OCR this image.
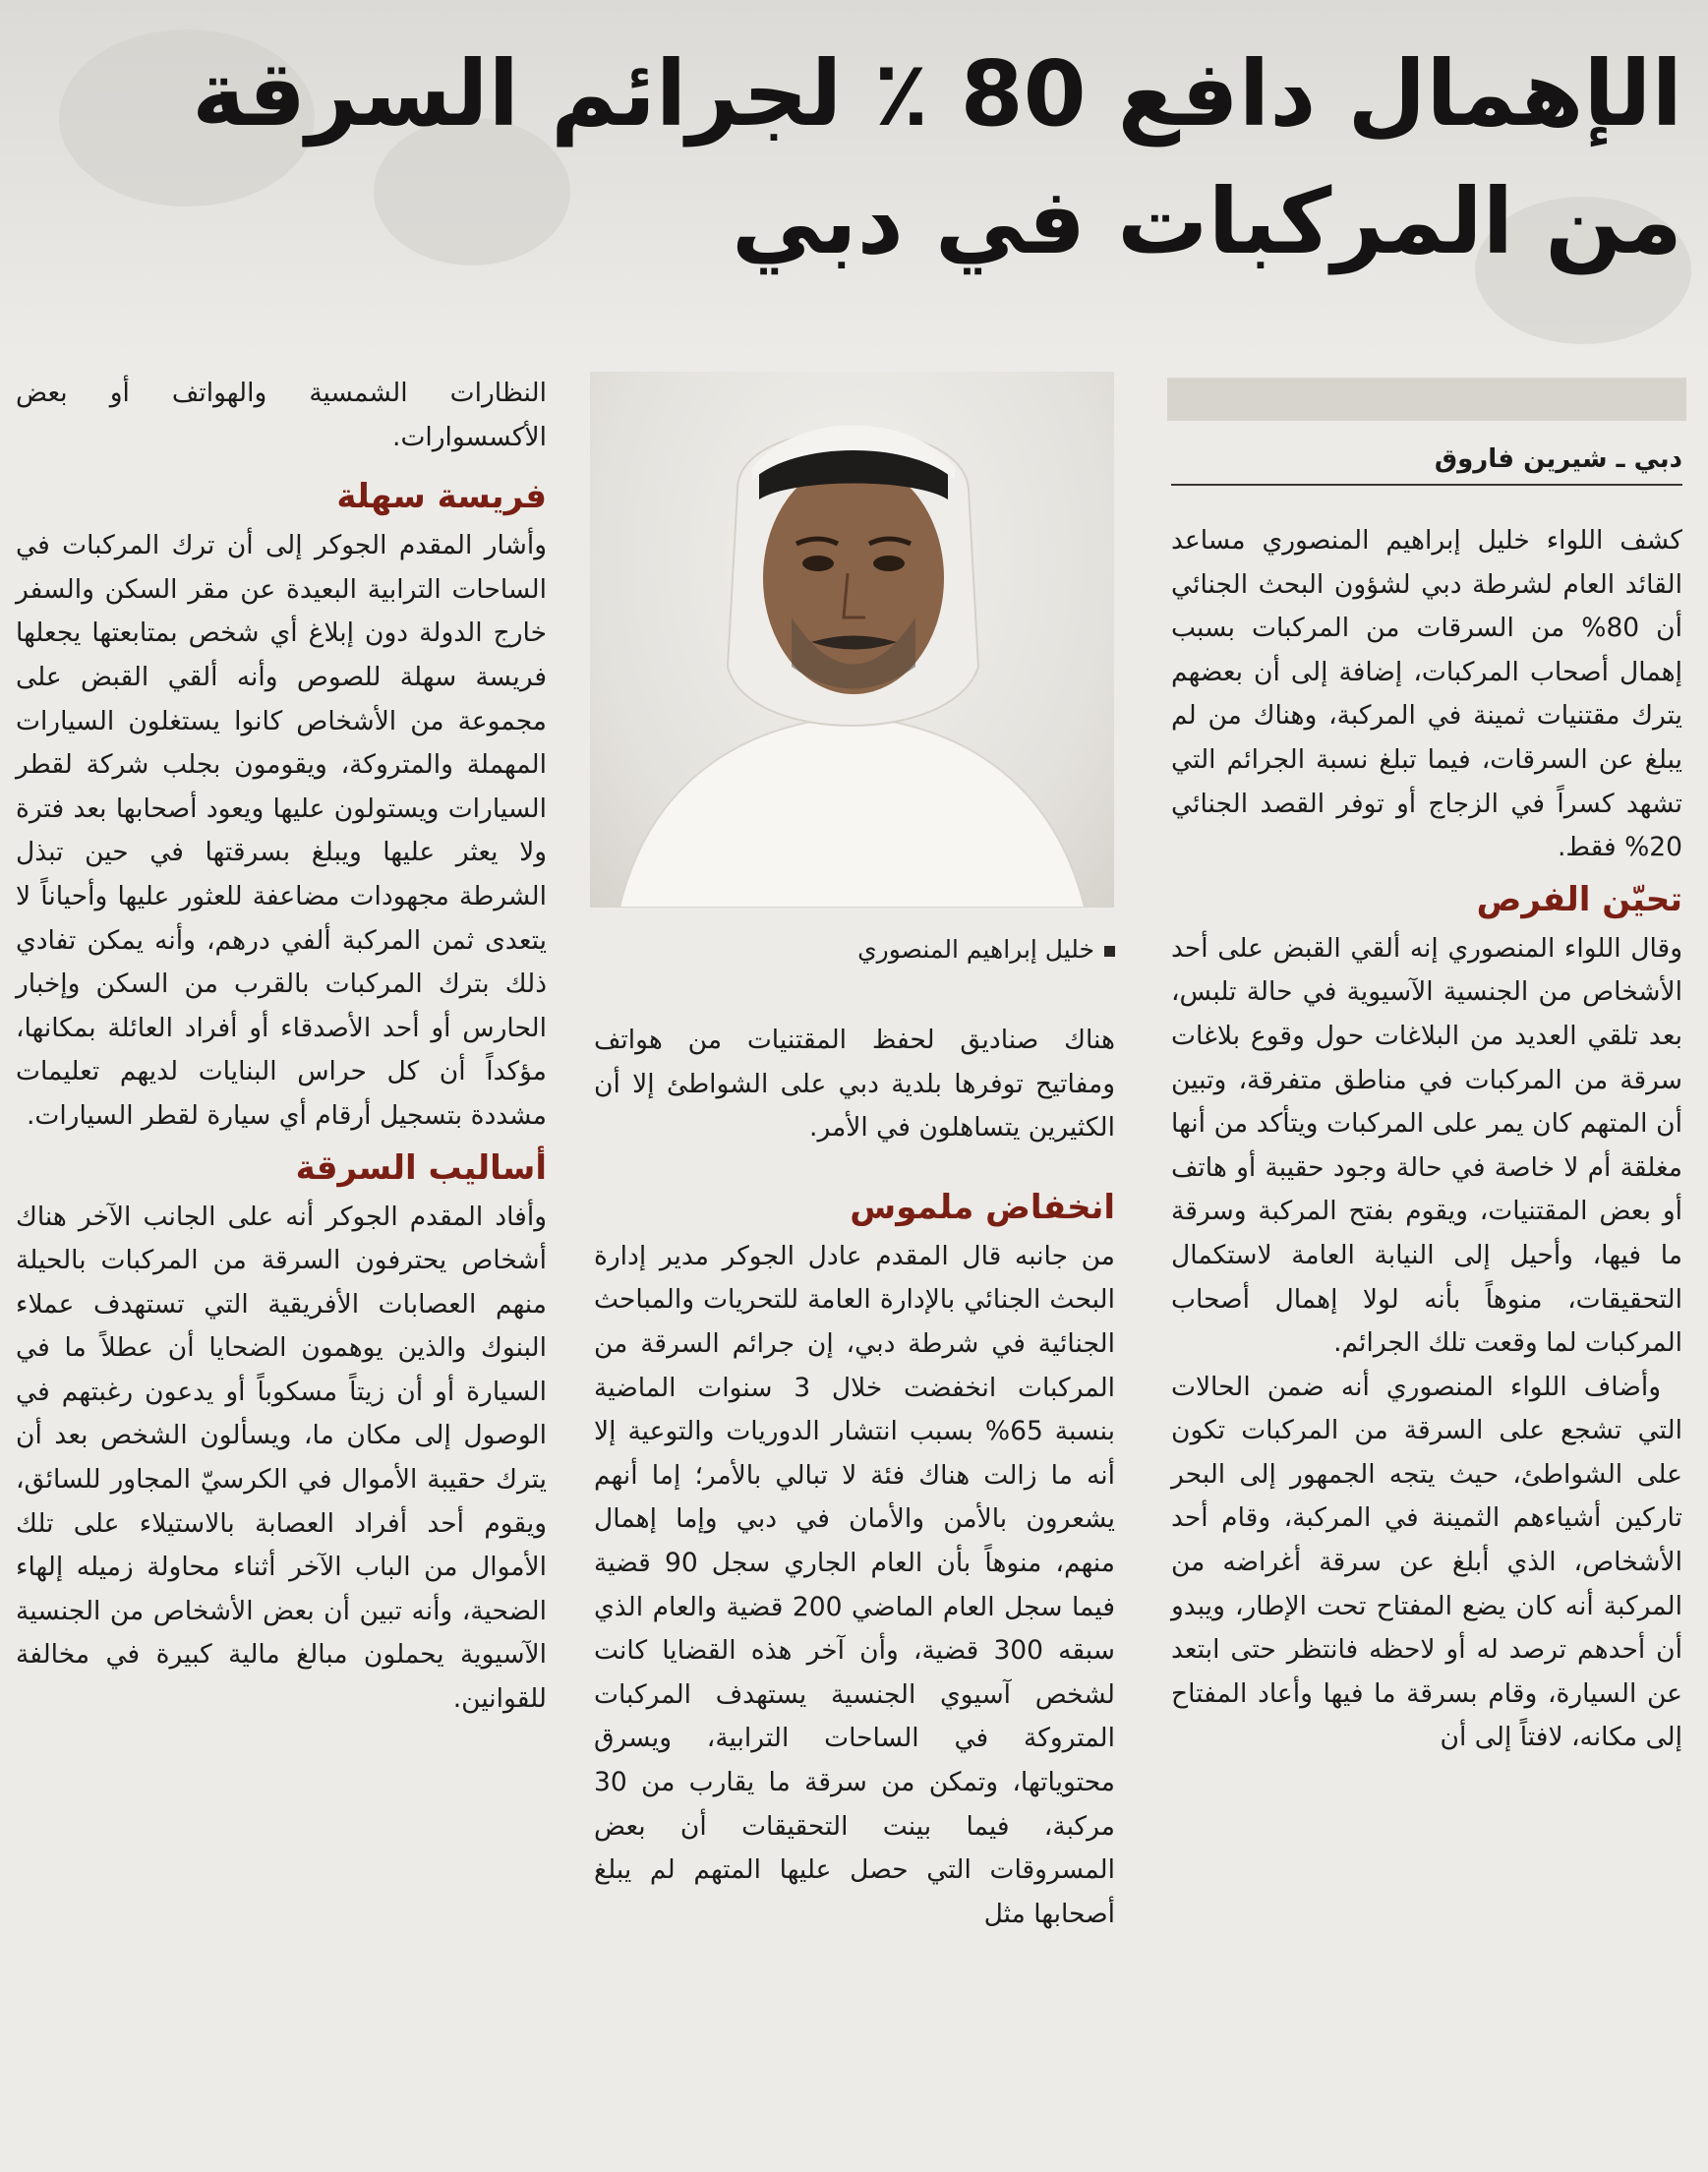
الإهمال دافع 80 ٪ لجرائم السرقة
من المركبات في دبي
دبي ـ شيرين فاروق

كشف اللواء خليل إبراهيم المنصوري مساعد القائد العام لشرطة دبي لشؤون البحث الجنائي أن 80% من السرقات من المركبات بسبب إهمال أصحاب المركبات، إضافة إلى أن بعضهم يترك مقتنيات ثمينة في المركبة، وهناك من لم يبلغ عن السرقات، فيما تبلغ نسبة الجرائم التي تشهد كسراً في الزجاج أو توفر القصد الجنائي 20% فقط.

تحيّن الفرص

وقال اللواء المنصوري إنه ألقي القبض على أحد الأشخاص من الجنسية الآسيوية في حالة تلبس، بعد تلقي العديد من البلاغات حول وقوع بلاغات سرقة من المركبات في مناطق متفرقة، وتبين أن المتهم كان يمر على المركبات ويتأكد من أنها مغلقة أم لا خاصة في حالة وجود حقيبة أو هاتف أو بعض المقتنيات، ويقوم بفتح المركبة وسرقة ما فيها، وأحيل إلى النيابة العامة لاستكمال التحقيقات، منوهاً بأنه لولا إهمال أصحاب المركبات لما وقعت تلك الجرائم.

وأضاف اللواء المنصوري أنه ضمن الحالات التي تشجع على السرقة من المركبات تكون على الشواطئ، حيث يتجه الجمهور إلى البحر تاركين أشياءهم الثمينة في المركبة، وقام أحد الأشخاص، الذي أبلغ عن سرقة أغراضه من المركبة أنه كان يضع المفتاح تحت الإطار، ويبدو أن أحدهم ترصد له أو لاحظه فانتظر حتى ابتعد عن السيارة، وقام بسرقة ما فيها وأعاد المفتاح إلى مكانه، لافتاً إلى أن

خليل إبراهيم المنصوري

هناك صناديق لحفظ المقتنيات من هواتف ومفاتيح توفرها بلدية دبي على الشواطئ إلا أن الكثيرين يتساهلون في الأمر.

انخفاض ملموس

من جانبه قال المقدم عادل الجوكر مدير إدارة البحث الجنائي بالإدارة العامة للتحريات والمباحث الجنائية في شرطة دبي، إن جرائم السرقة من المركبات انخفضت خلال 3 سنوات الماضية بنسبة 65% بسبب انتشار الدوريات والتوعية إلا أنه ما زالت هناك فئة لا تبالي بالأمر؛ إما أنهم يشعرون بالأمن والأمان في دبي وإما إهمال منهم، منوهاً بأن العام الجاري سجل 90 قضية فيما سجل العام الماضي 200 قضية والعام الذي سبقه 300 قضية، وأن آخر هذه القضايا كانت لشخص آسيوي الجنسية يستهدف المركبات المتروكة في الساحات الترابية، ويسرق محتوياتها، وتمكن من سرقة ما يقارب من 30 مركبة، فيما بينت التحقيقات أن بعض المسروقات التي حصل عليها المتهم لم يبلغ أصحابها مثل

النظارات الشمسية والهواتف أو بعض الأكسسوارات.

فريسة سهلة

وأشار المقدم الجوكر إلى أن ترك المركبات في الساحات الترابية البعيدة عن مقر السكن والسفر خارج الدولة دون إبلاغ أي شخص بمتابعتها يجعلها فريسة سهلة للصوص وأنه ألقي القبض على مجموعة من الأشخاص كانوا يستغلون السيارات المهملة والمتروكة، ويقومون بجلب شركة لقطر السيارات ويستولون عليها ويعود أصحابها بعد فترة ولا يعثر عليها ويبلغ بسرقتها في حين تبذل الشرطة مجهودات مضاعفة للعثور عليها وأحياناً لا يتعدى ثمن المركبة ألفي درهم، وأنه يمكن تفادي ذلك بترك المركبات بالقرب من السكن وإخبار الحارس أو أحد الأصدقاء أو أفراد العائلة بمكانها، مؤكداً أن كل حراس البنايات لديهم تعليمات مشددة بتسجيل أرقام أي سيارة لقطر السيارات.

أساليب السرقة

وأفاد المقدم الجوكر أنه على الجانب الآخر هناك أشخاص يحترفون السرقة من المركبات بالحيلة منهم العصابات الأفريقية التي تستهدف عملاء البنوك والذين يوهمون الضحايا أن عطلاً ما في السيارة أو أن زيتاً مسكوباً أو يدعون رغبتهم في الوصول إلى مكان ما، ويسألون الشخص بعد أن يترك حقيبة الأموال في الكرسيّ المجاور للسائق، ويقوم أحد أفراد العصابة بالاستيلاء على تلك الأموال من الباب الآخر أثناء محاولة زميله إلهاء الضحية، وأنه تبين أن بعض الأشخاص من الجنسية الآسيوية يحملون مبالغ مالية كبيرة في مخالفة للقوانين.
